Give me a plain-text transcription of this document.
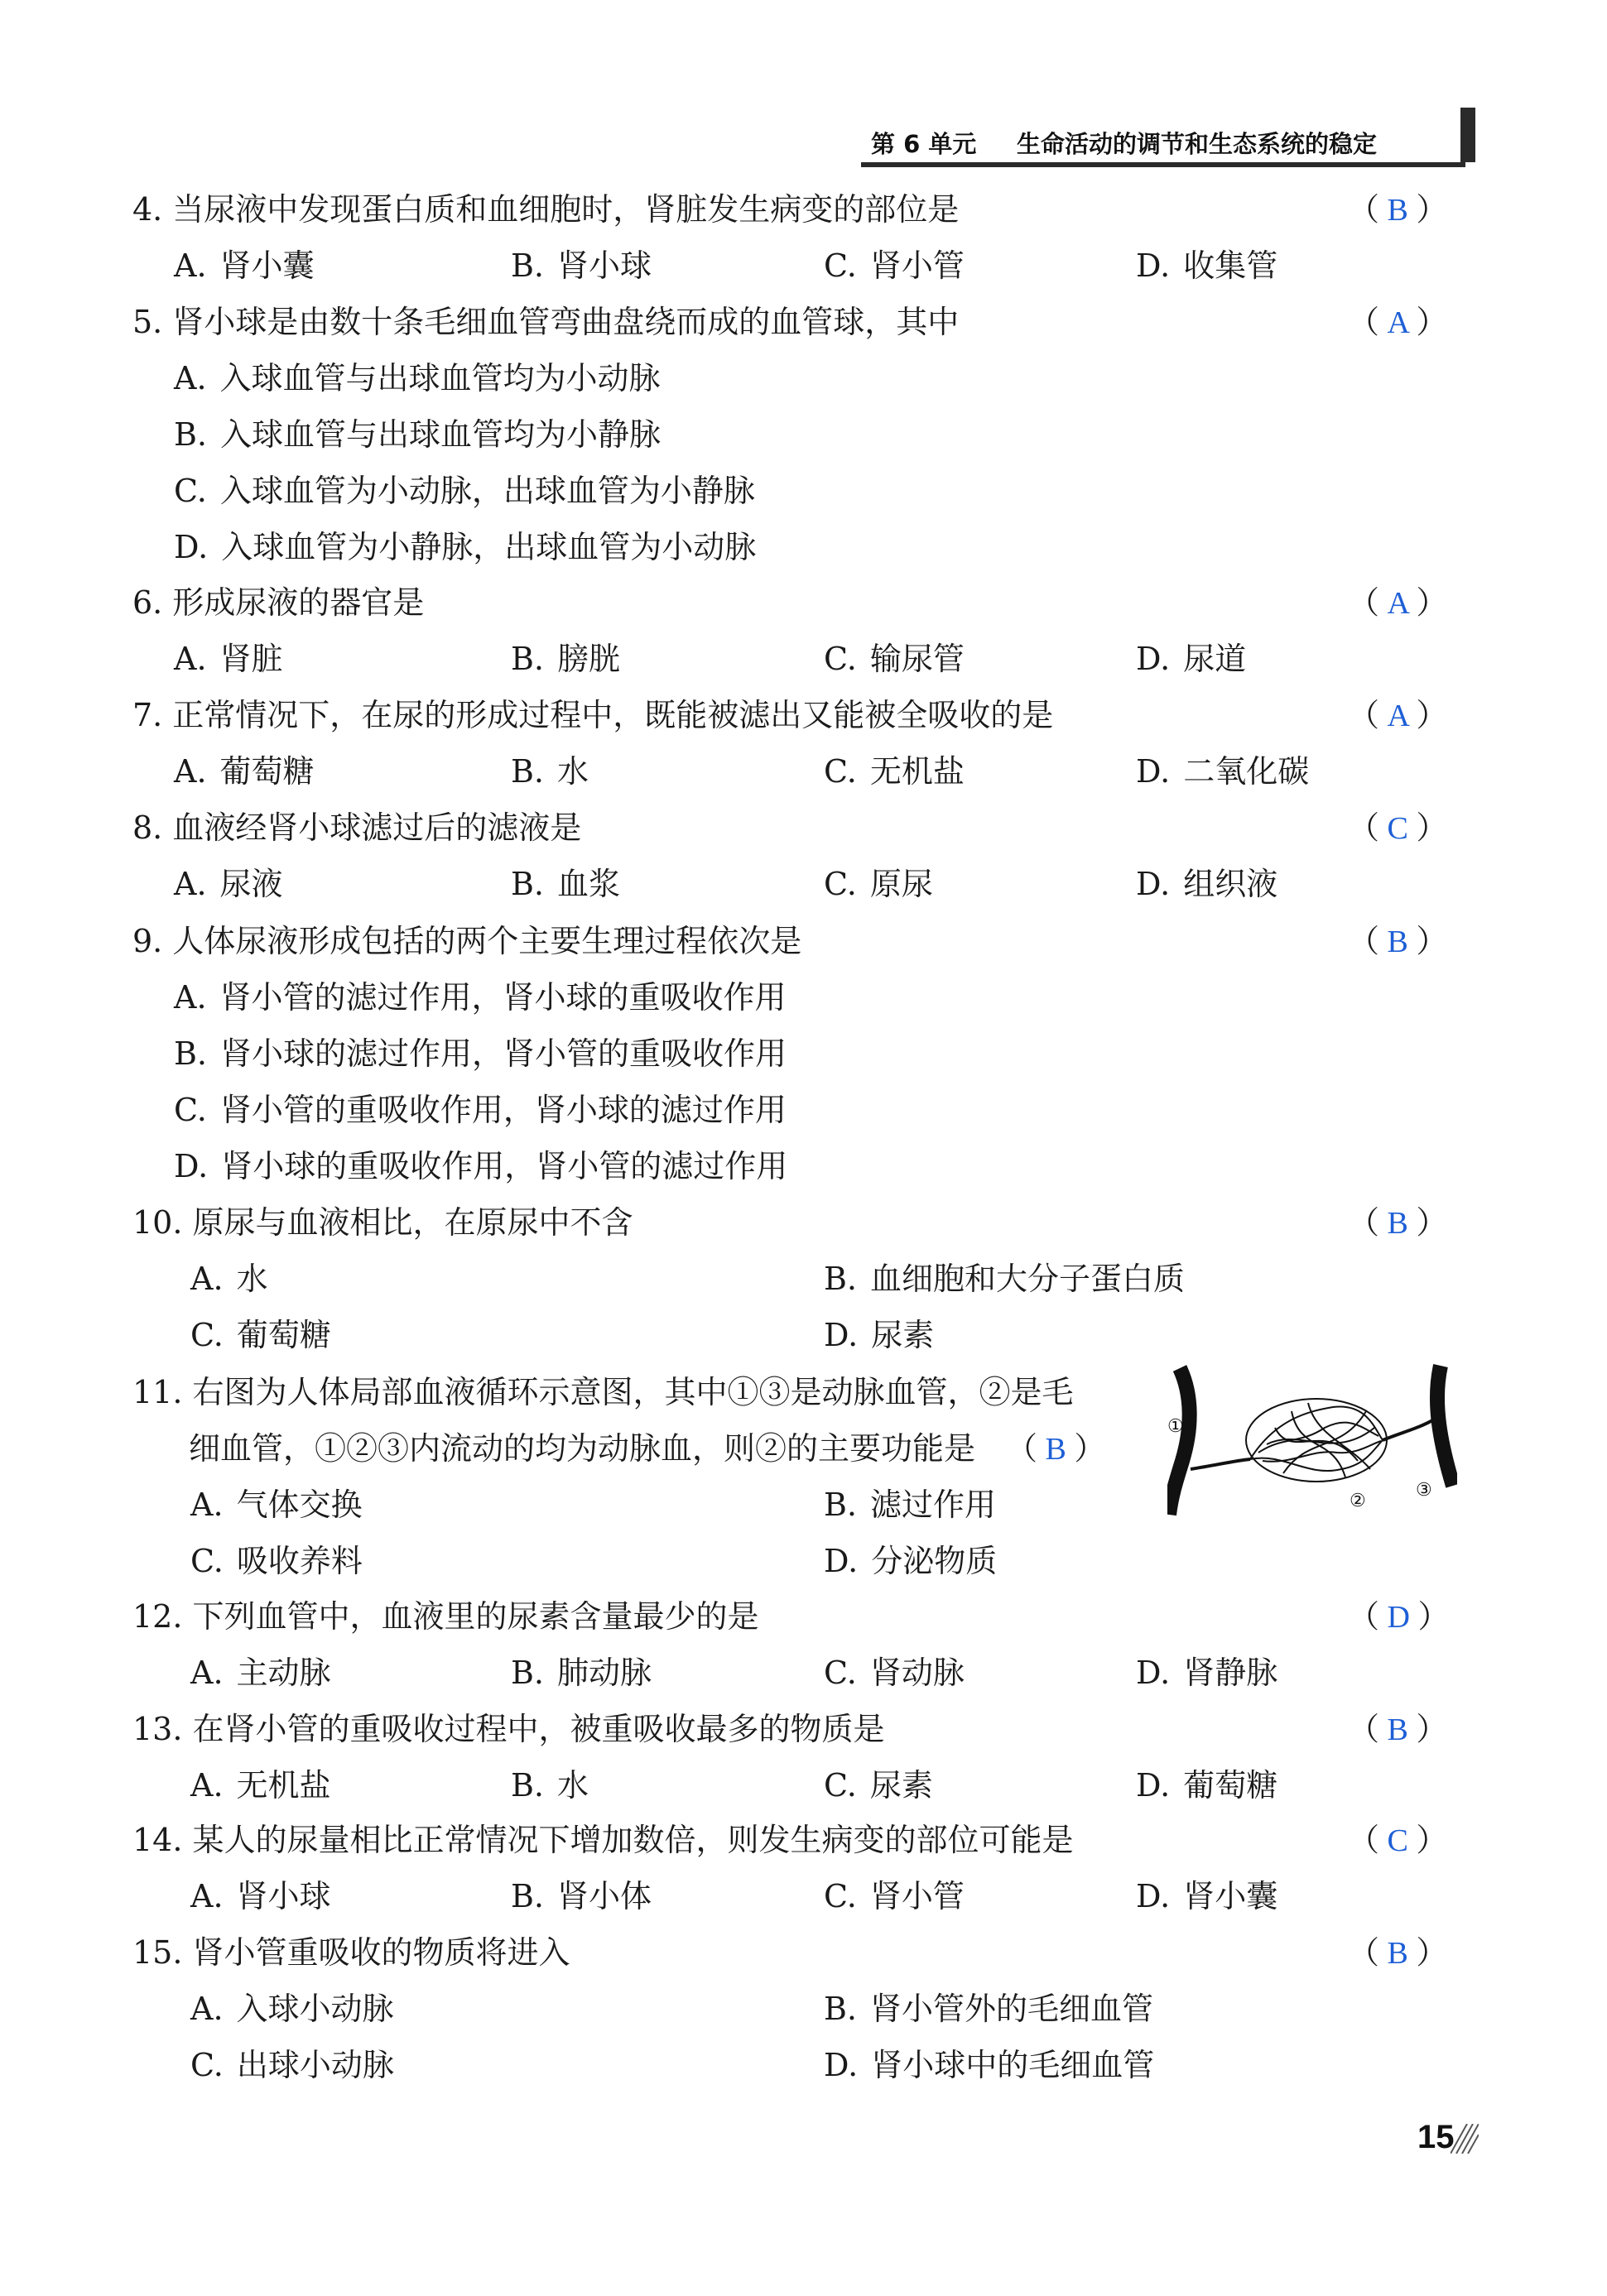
第 6 单元 生命活动的调节和生态系统的稳定
4. 当尿液中发现蛋白质和血细胞时，肾脏发生病变的部位是	（ B ）
A. 肾小囊	B. 肾小球	C. 肾小管	D. 收集管
5. 肾小球是由数十条毛细血管弯曲盘绕而成的血管球，其中	（ A ）
A. 入球血管与出球血管均为小动脉
B. 入球血管与出球血管均为小静脉
C. 入球血管为小动脉，出球血管为小静脉
D. 入球血管为小静脉，出球血管为小动脉
6. 形成尿液的器官是	（ A ）
A. 肾脏	B. 膀胱	C. 输尿管	D. 尿道
7. 正常情况下，在尿的形成过程中，既能被滤出又能被全吸收的是	（ A ）
A. 葡萄糖	B. 水	C. 无机盐	D. 二氧化碳
8. 血液经肾小球滤过后的滤液是	（ C ）
A. 尿液	B. 血浆	C. 原尿	D. 组织液
9. 人体尿液形成包括的两个主要生理过程依次是	（ B ）
A. 肾小管的滤过作用，肾小球的重吸收作用
B. 肾小球的滤过作用，肾小管的重吸收作用
C. 肾小管的重吸收作用，肾小球的滤过作用
D. 肾小球的重吸收作用，肾小管的滤过作用
10. 原尿与血液相比，在原尿中不含	（ B ）
A. 水	B. 血细胞和大分子蛋白质
C. 葡萄糖	D. 尿素
11. 右图为人体局部血液循环示意图，其中①③是动脉血管，②是毛
细血管，①②③内流动的均为动脉血，则②的主要功能是 （ B ）
A. 气体交换	B. 滤过作用
C. 吸收养料	D. 分泌物质
12. 下列血管中，血液里的尿素含量最少的是	（ D ）
A. 主动脉	B. 肺动脉	C. 肾动脉	D. 肾静脉
13. 在肾小管的重吸收过程中，被重吸收最多的物质是	（ B ）
A. 无机盐	B. 水	C. 尿素	D. 葡萄糖
14. 某人的尿量相比正常情况下增加数倍，则发生病变的部位可能是	（ C ）
A. 肾小球	B. 肾小体	C. 肾小管	D. 肾小囊
15. 肾小管重吸收的物质将进入	（ B ）
A. 入球小动脉	B. 肾小管外的毛细血管
C. 出球小动脉	D. 肾小球中的毛细血管
①
②
③
15
